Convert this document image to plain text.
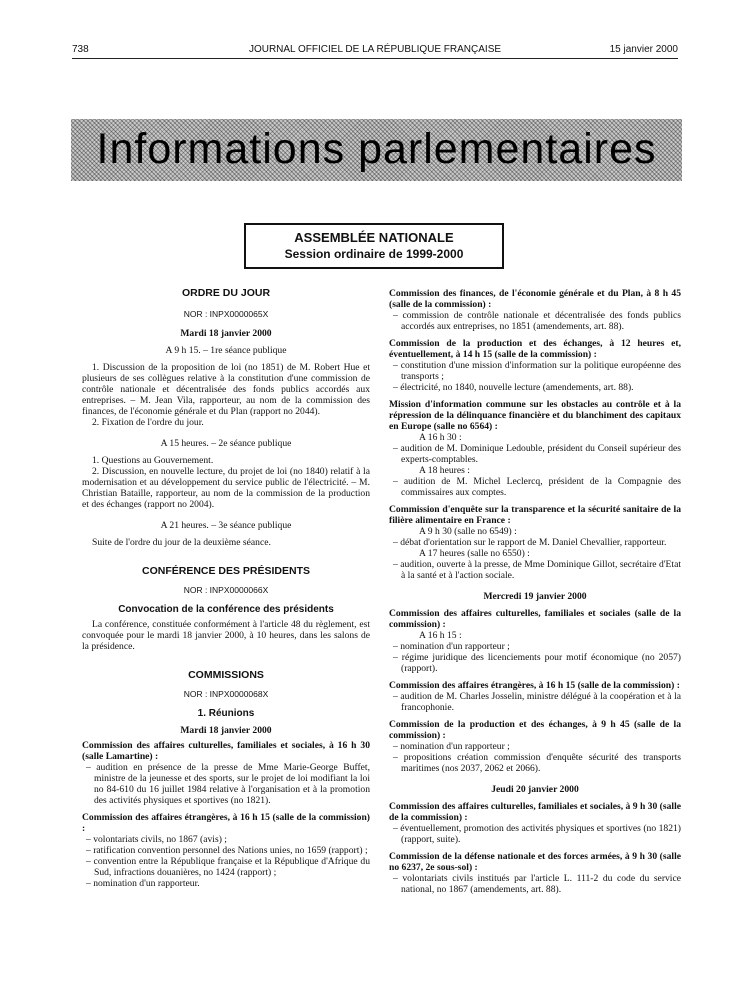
738	JOURNAL OFFICIEL DE LA RÉPUBLIQUE FRANÇAISE	15 janvier 2000
Informations parlementaires
ASSEMBLÉE NATIONALE
Session ordinaire de 1999-2000

ORDRE DU JOUR

NOR : INPX0000065X

Mardi 18 janvier 2000

A 9 h 15. – 1re séance publique

1. Discussion de la proposition de loi (no 1851) de M. Robert Hue et plusieurs de ses collègues relative à la constitution d'une commission de contrôle nationale et décentralisée des fonds publics accordés aux entreprises. – M. Jean Vila, rapporteur, au nom de la commission des finances, de l'économie générale et du Plan (rapport no 2044).

2. Fixation de l'ordre du jour.

A 15 heures. – 2e séance publique

1. Questions au Gouvernement.

2. Discussion, en nouvelle lecture, du projet de loi (no 1840) relatif à la modernisation et au développement du service public de l'électricité. – M. Christian Bataille, rapporteur, au nom de la commission de la production et des échanges (rapport no 2004).

A 21 heures. – 3e séance publique

Suite de l'ordre du jour de la deuxième séance.

CONFÉRENCE DES PRÉSIDENTS

NOR : INPX0000066X

Convocation de la conférence des présidents

La conférence, constituée conformément à l'article 48 du règlement, est convoquée pour le mardi 18 janvier 2000, à 10 heures, dans les salons de la présidence.

COMMISSIONS

NOR : INPX0000068X

1. Réunions

Mardi 18 janvier 2000

Commission des affaires culturelles, familiales et sociales, à 16 h 30 (salle Lamartine) :

– audition en présence de la presse de Mme Marie-George Buffet, ministre de la jeunesse et des sports, sur le projet de loi modifiant la loi no 84-610 du 16 juillet 1984 relative à l'organisation et à la promotion des activités physiques et sportives (no 1821).

Commission des affaires étrangères, à 16 h 15 (salle de la commission) :

– volontariats civils, no 1867 (avis) ;

– ratification convention personnel des Nations unies, no 1659 (rapport) ;

– convention entre la République française et la République d'Afrique du Sud, infractions douanières, no 1424 (rapport) ;

– nomination d'un rapporteur.

Commission des finances, de l'économie générale et du Plan, à 8 h 45 (salle de la commission) :

– commission de contrôle nationale et décentralisée des fonds publics accordés aux entreprises, no 1851 (amendements, art. 88).

Commission de la production et des échanges, à 12 heures et, éventuellement, à 14 h 15 (salle de la commission) :

– constitution d'une mission d'information sur la politique européenne des transports ;

– électricité, no 1840, nouvelle lecture (amendements, art. 88).

Mission d'information commune sur les obstacles au contrôle et à la répression de la délinquance financière et du blanchiment des capitaux en Europe (salle no 6564) :

A 16 h 30 :

– audition de M. Dominique Ledouble, président du Conseil supérieur des experts-comptables.

A 18 heures :

– audition de M. Michel Leclercq, président de la Compagnie des commissaires aux comptes.

Commission d'enquête sur la transparence et la sécurité sanitaire de la filière alimentaire en France :

A 9 h 30 (salle no 6549) :

– débat d'orientation sur le rapport de M. Daniel Chevallier, rapporteur.

A 17 heures (salle no 6550) :

– audition, ouverte à la presse, de Mme Dominique Gillot, secrétaire d'Etat à la santé et à l'action sociale.

Mercredi 19 janvier 2000

Commission des affaires culturelles, familiales et sociales (salle de la commission) :

A 16 h 15 :

– nomination d'un rapporteur ;

– régime juridique des licenciements pour motif économique (no 2057) (rapport).

Commission des affaires étrangères, à 16 h 15 (salle de la commission) :

– audition de M. Charles Josselin, ministre délégué à la coopération et à la francophonie.

Commission de la production et des échanges, à 9 h 45 (salle de la commission) :

– nomination d'un rapporteur ;

– propositions création commission d'enquête sécurité des transports maritimes (nos 2037, 2062 et 2066).

Jeudi 20 janvier 2000

Commission des affaires culturelles, familiales et sociales, à 9 h 30 (salle de la commission) :

– éventuellement, promotion des activités physiques et sportives (no 1821) (rapport, suite).

Commission de la défense nationale et des forces armées, à 9 h 30 (salle no 6237, 2e sous-sol) :

– volontariats civils institués par l'article L. 111-2 du code du service national, no 1867 (amendements, art. 88).
